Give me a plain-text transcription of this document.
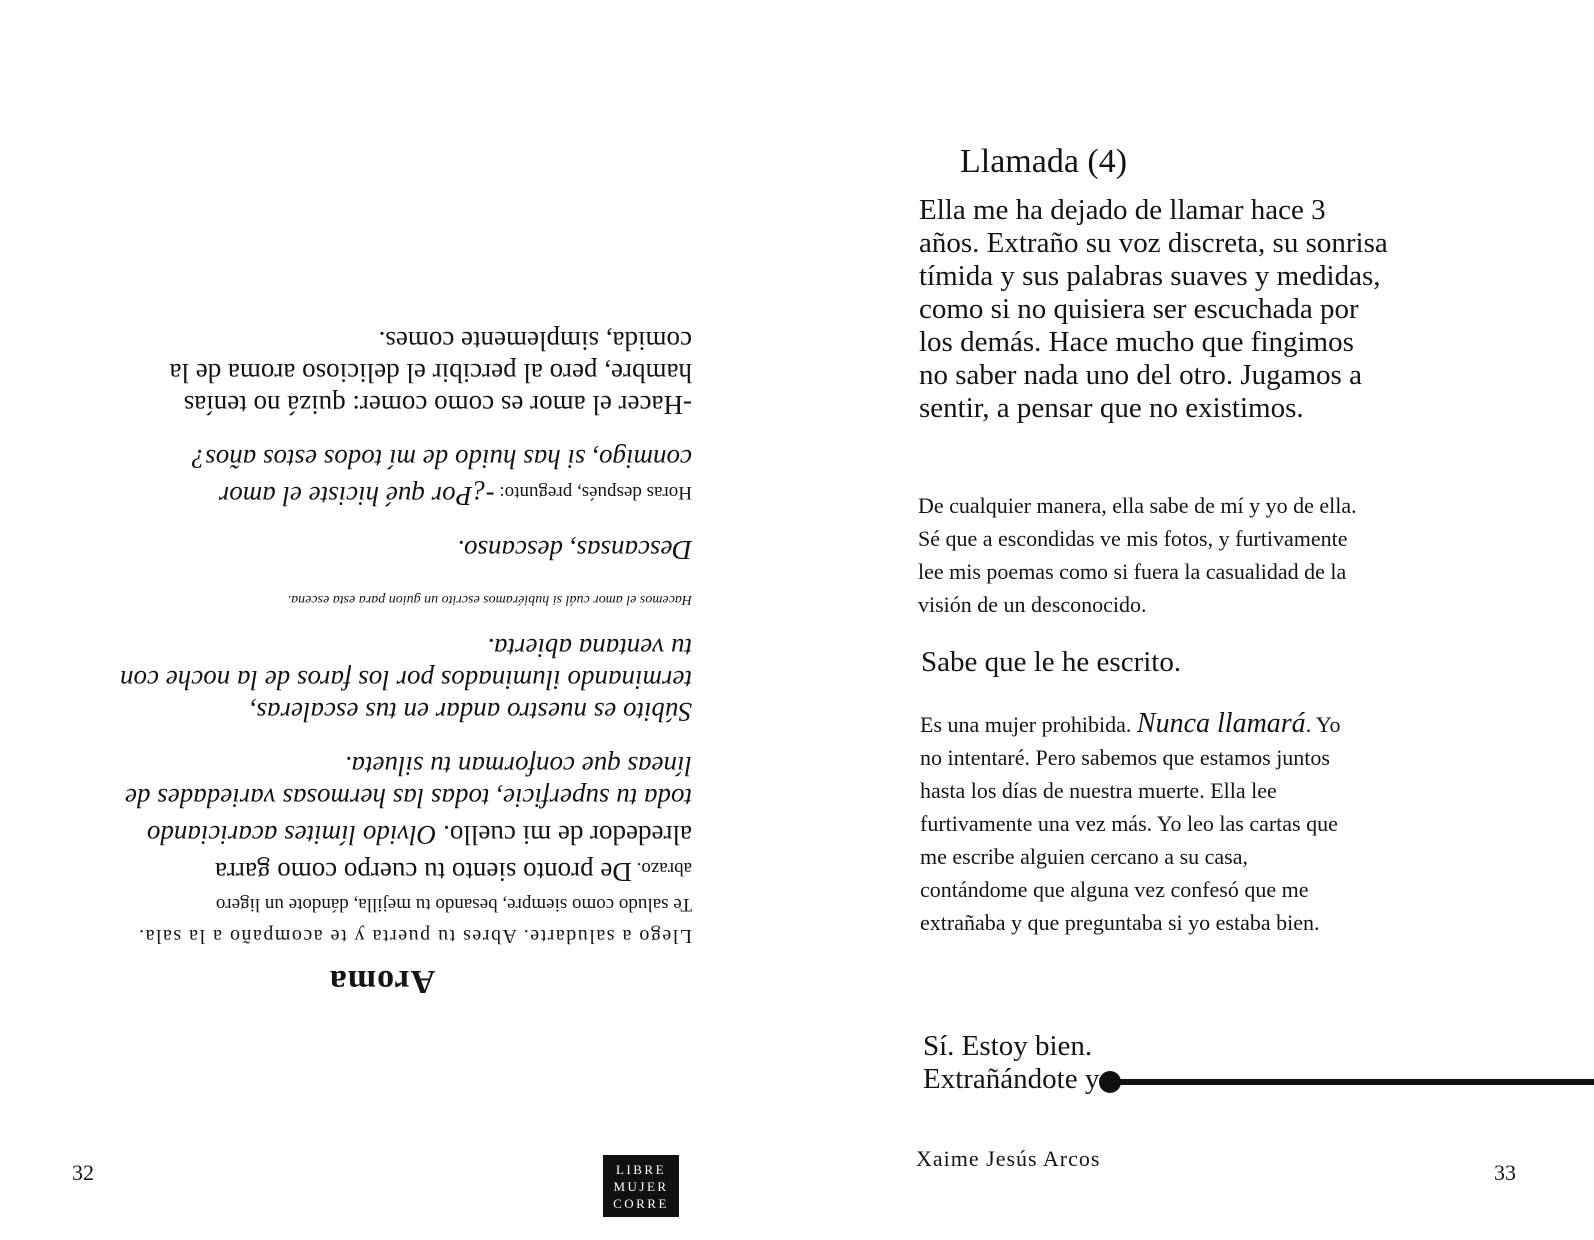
Aroma

Llego a saludarte. Abres tu puerta y te acompaño a la sala.

Te saludo como siempre, besando tu mejilla, dándote un ligero

abrazo. De pronto siento tu cuerpo como garra

alrededor de mi cuello. Olvido límites acariciando

toda tu superficie, todas las hermosas variedades de

líneas que conforman tu silueta.

Súbito es nuestro andar en tus escaleras,

terminando iluminados por los faros de la noche con

tu ventana abierta.

Hacemos el amor cuál si hubiéramos escrito un guion para esta escena.

Descansas, descanso.

Horas después, pregunto: -¿Por qué hiciste el amor

conmigo, si has huido de mí todos estos años?

-Hacer el amor es como comer: quizá no tenías

hambre, pero al percibir el delicioso aroma de la

comida, simplemente comes.

32	LIBRE
MUJER
CORRE
Llamada (4)

Ella me ha dejado de llamar hace 3 años. Extraño su voz discreta, su sonrisa tímida y sus palabras suaves y medidas, como si no quisiera ser escuchada por los demás. Hace mucho que fingimos no saber nada uno del otro. Jugamos a sentir, a pensar que no existimos.

De cualquier manera, ella sabe de mí y yo de ella. Sé que a escondidas ve mis fotos, y furtivamente lee mis poemas como si fuera la casualidad de la visión de un desconocido.

Sabe que le he escrito.

Es una mujer prohibida. Nunca llamará. Yo no intentaré. Pero sabemos que estamos juntos hasta los días de nuestra muerte. Ella lee furtivamente una vez más. Yo leo las cartas que me escribe alguien cercano a su casa, contándome que alguna vez confesó que me extrañaba y que preguntaba si yo estaba bien.

Sí. Estoy bien.
Extrañándote y

Xaime Jesús Arcos

33
